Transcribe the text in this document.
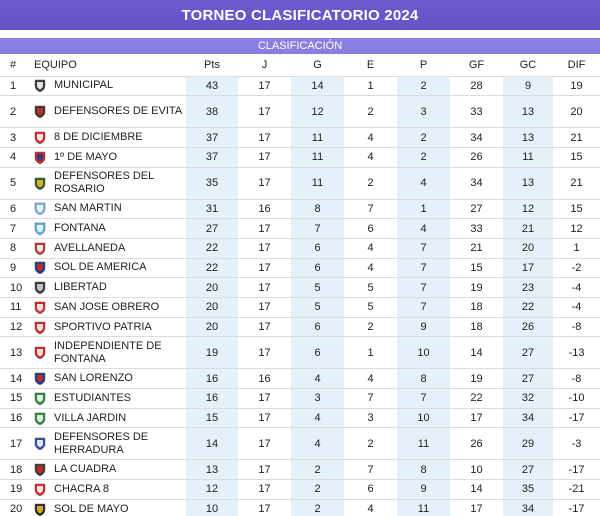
TORNEO CLASIFICATORIO 2024
CLASIFICACIÓN
#	EQUIPO	Pts	J	G	E	P	GF	GC	DIF
1	MUNICIPAL	43	17	14	1	2	28	9	19
2	DEFENSORES DE EVITA	38	17	12	2	3	33	13	20
3	8 DE DICIEMBRE	37	17	11	4	2	34	13	21
4	1º DE MAYO	37	17	11	4	2	26	11	15
5	DEFENSORES DEL ROSARIO	35	17	11	2	4	34	13	21
6	SAN MARTIN	31	16	8	7	1	27	12	15
7	FONTANA	27	17	7	6	4	33	21	12
8	AVELLANEDA	22	17	6	4	7	21	20	1
9	SOL DE AMERICA	22	17	6	4	7	15	17	-2
10	LIBERTAD	20	17	5	5	7	19	23	-4
11	SAN JOSE OBRERO	20	17	5	5	7	18	22	-4
12	SPORTIVO PATRIA	20	17	6	2	9	18	26	-8
13	INDEPENDIENTE DE FONTANA	19	17	6	1	10	14	27	-13
14	SAN LORENZO	16	16	4	4	8	19	27	-8
15	ESTUDIANTES	16	17	3	7	7	22	32	-10
16	VILLA JARDIN	15	17	4	3	10	17	34	-17
17	DEFENSORES DE HERRADURA	14	17	4	2	11	26	29	-3
18	LA CUADRA	13	17	2	7	8	10	27	-17
19	CHACRA 8	12	17	2	6	9	14	35	-21
20	SOL DE MAYO	10	17	2	4	11	17	34	-17
